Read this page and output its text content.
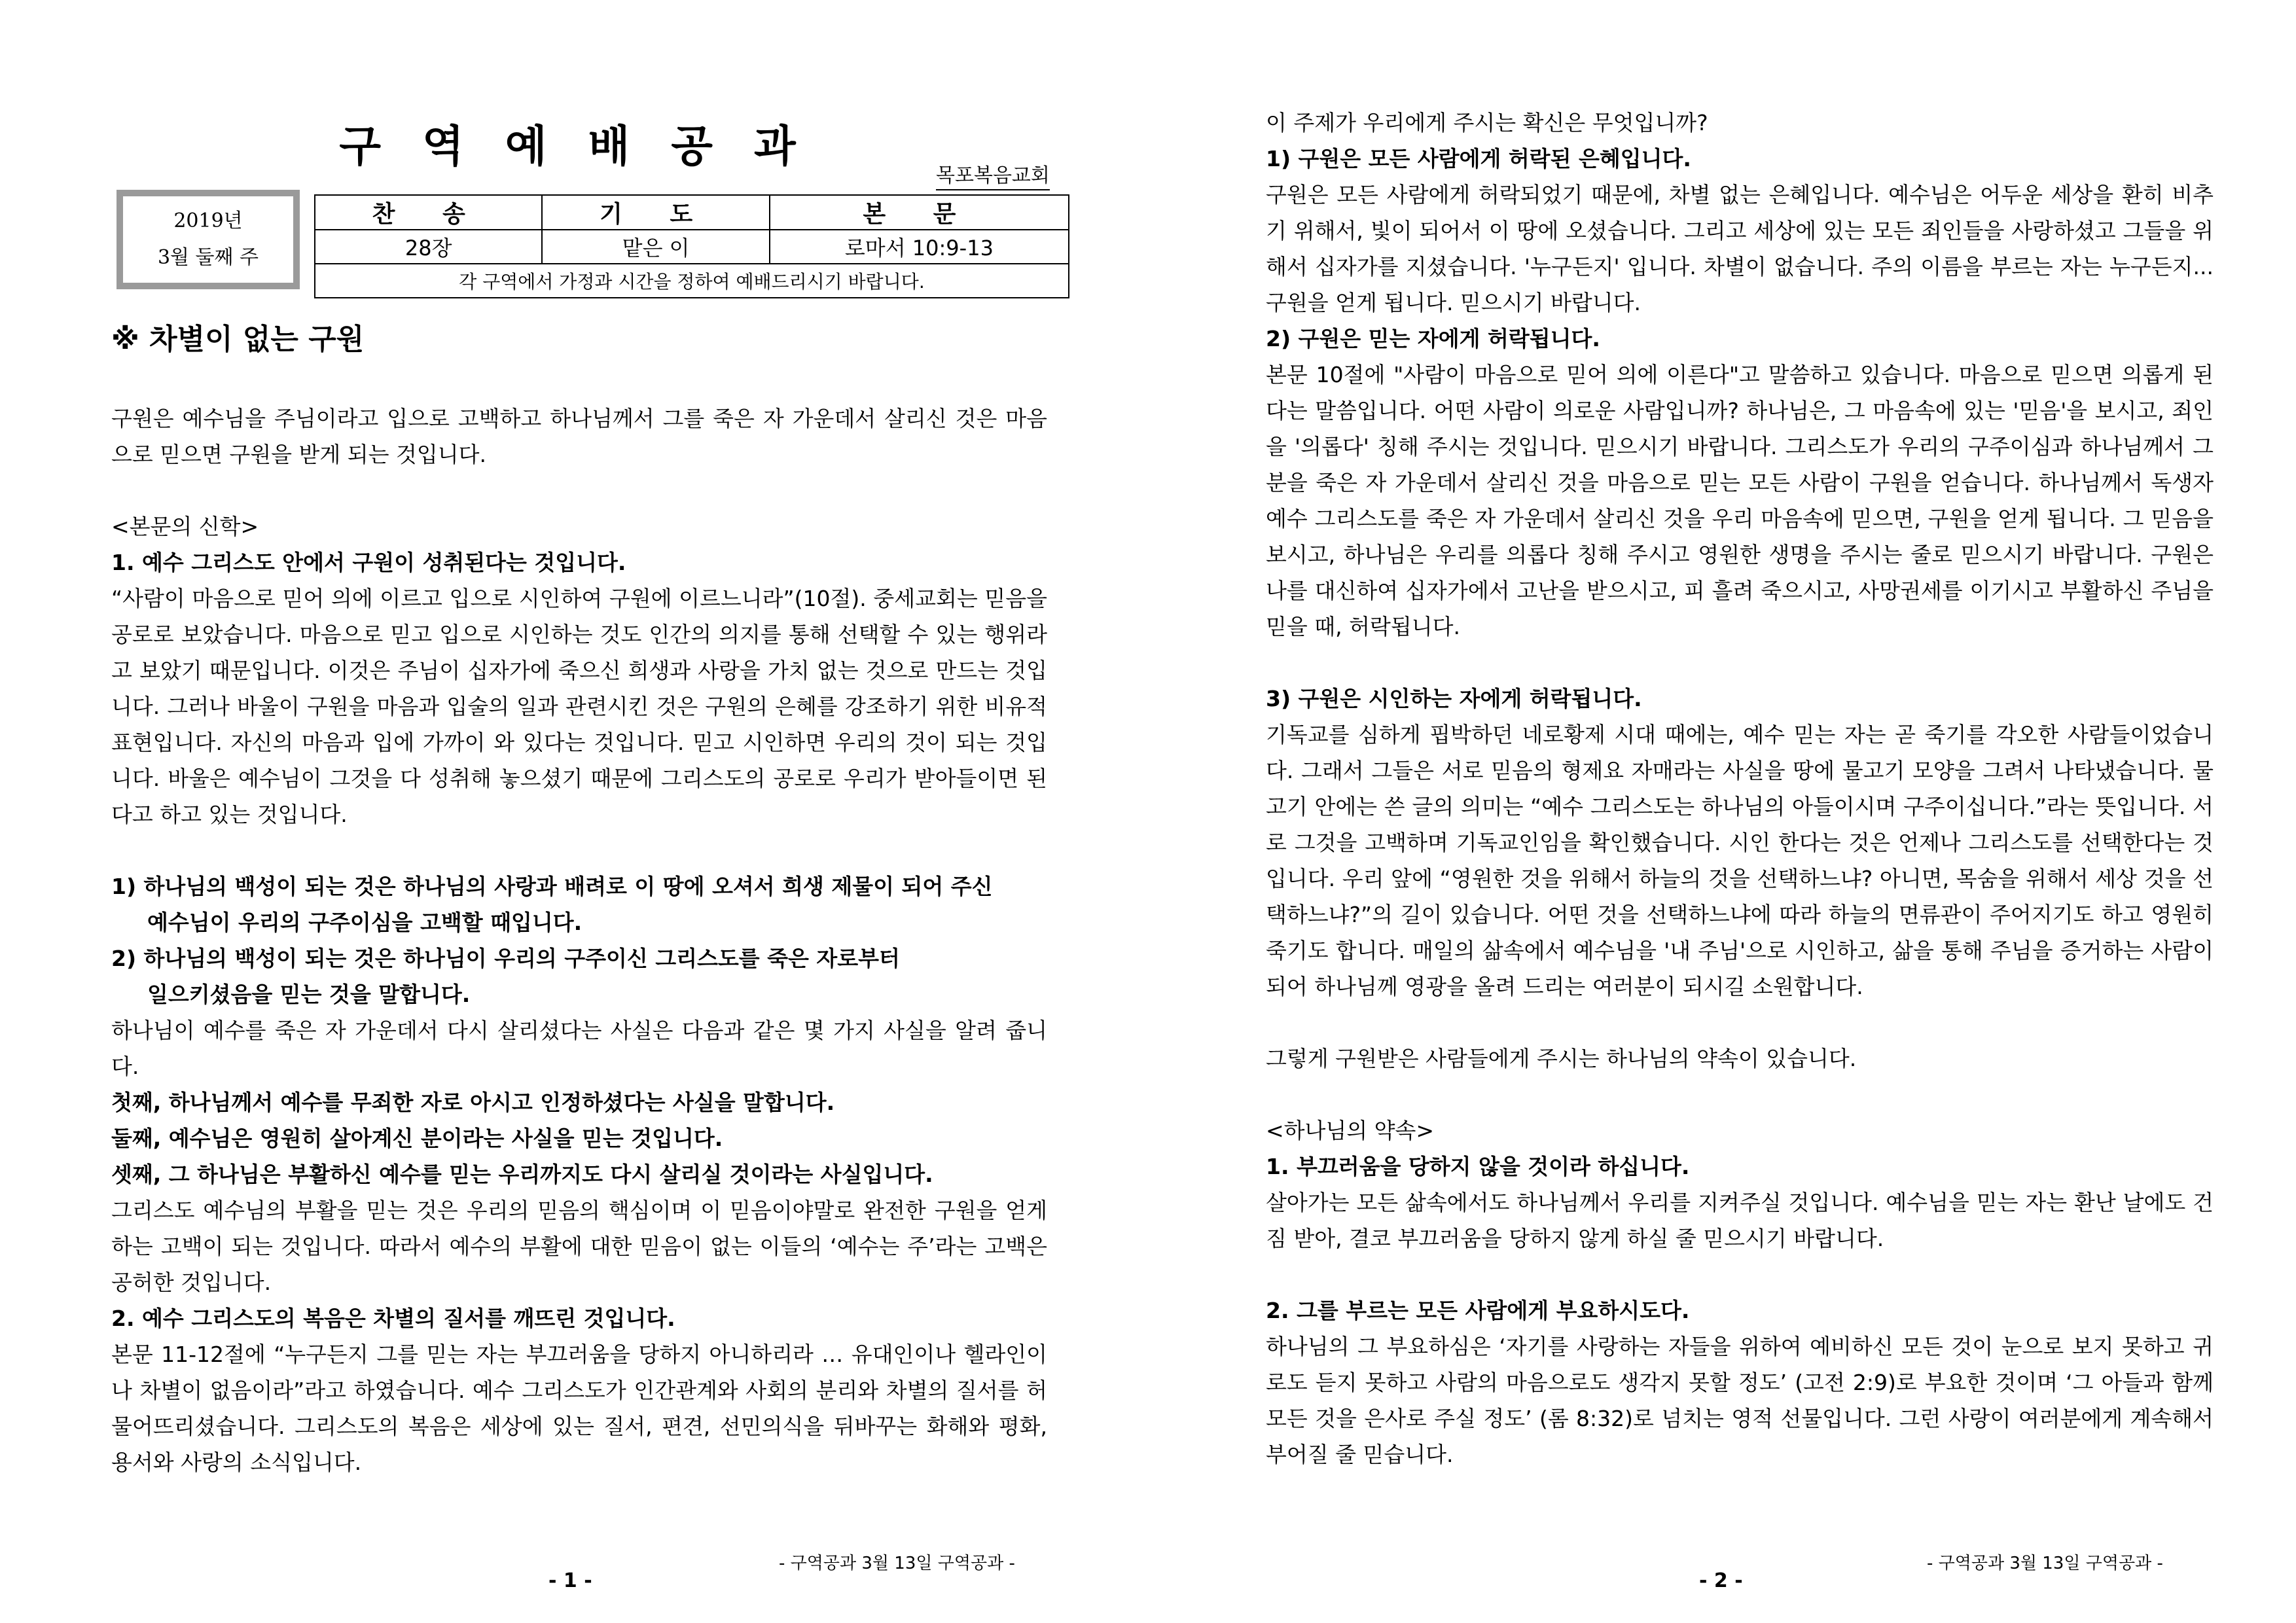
구 역 예 배 공 과
목포복음교회
2019년
3월 둘째 주
찬 송	기 도	본 문
28장	맡은 이	로마서 10:9-13
각 구역에서 가정과 시간을 정하여 예배드리시기 바랍니다.		
※ 차별이 없는 구원

구원은 예수님을 주님이라고 입으로 고백하고 하나님께서 그를 죽은 자 가운데서 살리신 것은 마음으로 믿으면 구원을 받게 되는 것입니다.

<본문의 신학>

1. 예수 그리스도 안에서 구원이 성취된다는 것입니다.

“사람이 마음으로 믿어 의에 이르고 입으로 시인하여 구원에 이르느니라”(10절). 중세교회는 믿음을 공로로 보았습니다. 마음으로 믿고 입으로 시인하는 것도 인간의 의지를 통해 선택할 수 있는 행위라고 보았기 때문입니다. 이것은 주님이 십자가에 죽으신 희생과 사랑을 가치 없는 것으로 만드는 것입니다. 그러나 바울이 구원을 마음과 입술의 일과 관련시킨 것은 구원의 은혜를 강조하기 위한 비유적 표현입니다. 자신의 마음과 입에 가까이 와 있다는 것입니다. 믿고 시인하면 우리의 것이 되는 것입니다. 바울은 예수님이 그것을 다 성취해 놓으셨기 때문에 그리스도의 공로로 우리가 받아들이면 된다고 하고 있는 것입니다.

1) 하나님의 백성이 되는 것은 하나님의 사랑과 배려로 이 땅에 오셔서 희생 제물이 되어 주신

예수님이 우리의 구주이심을 고백할 때입니다.

2) 하나님의 백성이 되는 것은 하나님이 우리의 구주이신 그리스도를 죽은 자로부터

일으키셨음을 믿는 것을 말합니다.

하나님이 예수를 죽은 자 가운데서 다시 살리셨다는 사실은 다음과 같은 몇 가지 사실을 알려 줍니다.

첫째, 하나님께서 예수를 무죄한 자로 아시고 인정하셨다는 사실을 말합니다.

둘째, 예수님은 영원히 살아계신 분이라는 사실을 믿는 것입니다.

셋째, 그 하나님은 부활하신 예수를 믿는 우리까지도 다시 살리실 것이라는 사실입니다.

그리스도 예수님의 부활을 믿는 것은 우리의 믿음의 핵심이며 이 믿음이야말로 완전한 구원을 얻게 하는 고백이 되는 것입니다. 따라서 예수의 부활에 대한 믿음이 없는 이들의 ‘예수는 주’라는 고백은 공허한 것입니다.

2. 예수 그리스도의 복음은 차별의 질서를 깨뜨린 것입니다.

본문 11-12절에 “누구든지 그를 믿는 자는 부끄러움을 당하지 아니하리라 … 유대인이나 헬라인이나 차별이 없음이라”라고 하였습니다. 예수 그리스도가 인간관계와 사회의 분리와 차별의 질서를 허물어뜨리셨습니다. 그리스도의 복음은 세상에 있는 질서, 편견, 선민의식을 뒤바꾸는 화해와 평화, 용서와 사랑의 소식입니다.

- 구역공과 3월 13일 구역공과 -
- 1 -

이 주제가 우리에게 주시는 확신은 무엇입니까?

1) 구원은 모든 사람에게 허락된 은혜입니다.

구원은 모든 사람에게 허락되었기 때문에, 차별 없는 은혜입니다. 예수님은 어두운 세상을 환히 비추기 위해서, 빛이 되어서 이 땅에 오셨습니다. 그리고 세상에 있는 모든 죄인들을 사랑하셨고 그들을 위해서 십자가를 지셨습니다. '누구든지' 입니다. 차별이 없습니다. 주의 이름을 부르는 자는 누구든지... 구원을 얻게 됩니다. 믿으시기 바랍니다.

2) 구원은 믿는 자에게 허락됩니다.

본문 10절에 "사람이 마음으로 믿어 의에 이른다"고 말씀하고 있습니다. 마음으로 믿으면 의롭게 된다는 말씀입니다. 어떤 사람이 의로운 사람입니까? 하나님은, 그 마음속에 있는 '믿음'을 보시고, 죄인을 '의롭다' 칭해 주시는 것입니다. 믿으시기 바랍니다. 그리스도가 우리의 구주이심과 하나님께서 그 분을 죽은 자 가운데서 살리신 것을 마음으로 믿는 모든 사람이 구원을 얻습니다. 하나님께서 독생자 예수 그리스도를 죽은 자 가운데서 살리신 것을 우리 마음속에 믿으면, 구원을 얻게 됩니다. 그 믿음을 보시고, 하나님은 우리를 의롭다 칭해 주시고 영원한 생명을 주시는 줄로 믿으시기 바랍니다. 구원은 나를 대신하여 십자가에서 고난을 받으시고, 피 흘려 죽으시고, 사망권세를 이기시고 부활하신 주님을 믿을 때, 허락됩니다.

3) 구원은 시인하는 자에게 허락됩니다.

기독교를 심하게 핍박하던 네로황제 시대 때에는, 예수 믿는 자는 곧 죽기를 각오한 사람들이었습니다. 그래서 그들은 서로 믿음의 형제요 자매라는 사실을 땅에 물고기 모양을 그려서 나타냈습니다. 물고기 안에는 쓴 글의 의미는 “예수 그리스도는 하나님의 아들이시며 구주이십니다.”라는 뜻입니다. 서로 그것을 고백하며 기독교인임을 확인했습니다. 시인 한다는 것은 언제나 그리스도를 선택한다는 것입니다. 우리 앞에 “영원한 것을 위해서 하늘의 것을 선택하느냐? 아니면, 목숨을 위해서 세상 것을 선택하느냐?”의 길이 있습니다. 어떤 것을 선택하느냐에 따라 하늘의 면류관이 주어지기도 하고 영원히 죽기도 합니다. 매일의 삶속에서 예수님을 '내 주님'으로 시인하고, 삶을 통해 주님을 증거하는 사람이 되어 하나님께 영광을 올려 드리는 여러분이 되시길 소원합니다.

그렇게 구원받은 사람들에게 주시는 하나님의 약속이 있습니다.

<하나님의 약속>

1. 부끄러움을 당하지 않을 것이라 하십니다.

살아가는 모든 삶속에서도 하나님께서 우리를 지켜주실 것입니다. 예수님을 믿는 자는 환난 날에도 건짐 받아, 결코 부끄러움을 당하지 않게 하실 줄 믿으시기 바랍니다.

2. 그를 부르는 모든 사람에게 부요하시도다.

하나님의 그 부요하심은 ‘자기를 사랑하는 자들을 위하여 예비하신 모든 것이 눈으로 보지 못하고 귀로도 듣지 못하고 사람의 마음으로도 생각지 못할 정도’ (고전 2:9)로 부요한 것이며 ‘그 아들과 함께 모든 것을 은사로 주실 정도’ (롬 8:32)로 넘치는 영적 선물입니다. 그런 사랑이 여러분에게 계속해서 부어질 줄 믿습니다.

- 구역공과 3월 13일 구역공과 -
- 2 -
